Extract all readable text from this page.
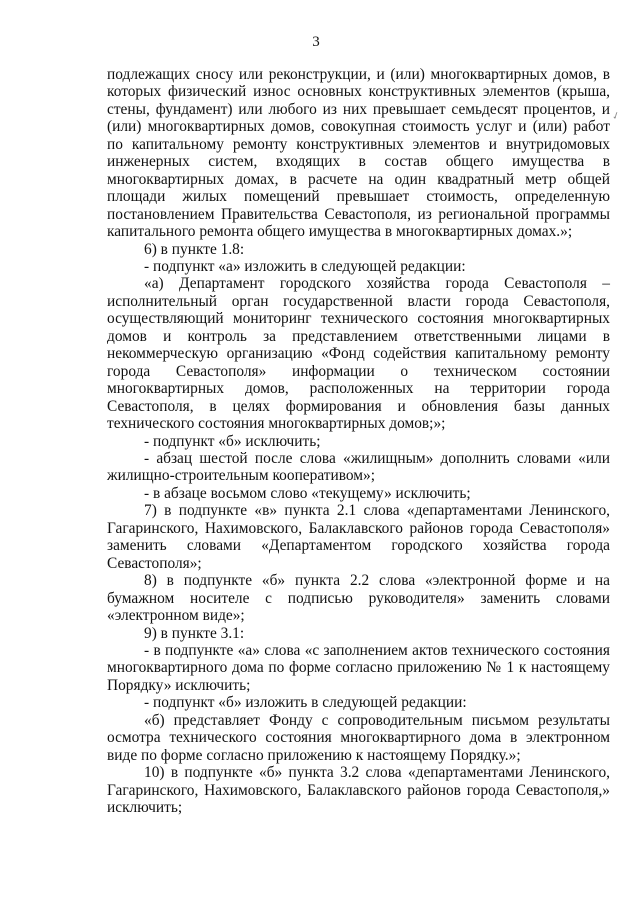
3

подлежащих сносу или реконструкции, и (или) многоквартирных домов, в которых физический износ основных конструктивных элементов (крыша, стены, фундамент) или любого из них превышает семьдесят процентов, и (или) многоквартирных домов, совокупная стоимость услуг и (или) работ по капитальному ремонту конструктивных элементов и внутридомовых инженерных систем, входящих в состав общего имущества в многоквартирных домах, в расчете на один квадратный метр общей площади жилых помещений превышает стоимость, определенную постановлением Правительства Севастополя, из региональной программы капитального ремонта общего имущества в многоквартирных домах.»;

6) в пункте 1.8:

- подпункт «а» изложить в следующей редакции:

«а) Департамент городского хозяйства города Севастополя – исполнительный орган государственной власти города Севастополя, осуществляющий мониторинг технического состояния многоквартирных домов и контроль за представлением ответственными лицами в некоммерческую организацию «Фонд содействия капитальному ремонту города Севастополя» информации о техническом состоянии многоквартирных домов, расположенных на территории города Севастополя, в целях формирования и обновления базы данных технического состояния многоквартирных домов;»;

- подпункт «б» исключить;

- абзац шестой после слова «жилищным» дополнить словами «или жилищно-строительным кооперативом»;

- в абзаце восьмом слово «текущему» исключить;

7) в подпункте «в» пункта 2.1 слова «департаментами Ленинского, Гагаринского, Нахимовского, Балаклавского районов города Севастополя» заменить словами «Департаментом городского хозяйства города Севастополя»;

8) в подпункте «б» пункта 2.2 слова «электронной форме и на бумажном носителе с подписью руководителя» заменить словами «электронном виде»;

9) в пункте 3.1:

- в подпункте «а» слова «с заполнением актов технического состояния многоквартирного дома по форме согласно приложению № 1 к настоящему Порядку» исключить;

- подпункт «б» изложить в следующей редакции:

«б) представляет Фонду с сопроводительным письмом результаты осмотра технического состояния многоквартирного дома в электронном виде по форме согласно приложению к настоящему Порядку.»;

10) в подпункте «б» пункта 3.2 слова «департаментами Ленинского, Гагаринского, Нахимовского, Балаклавского районов города Севастополя,» исключить;

✓
